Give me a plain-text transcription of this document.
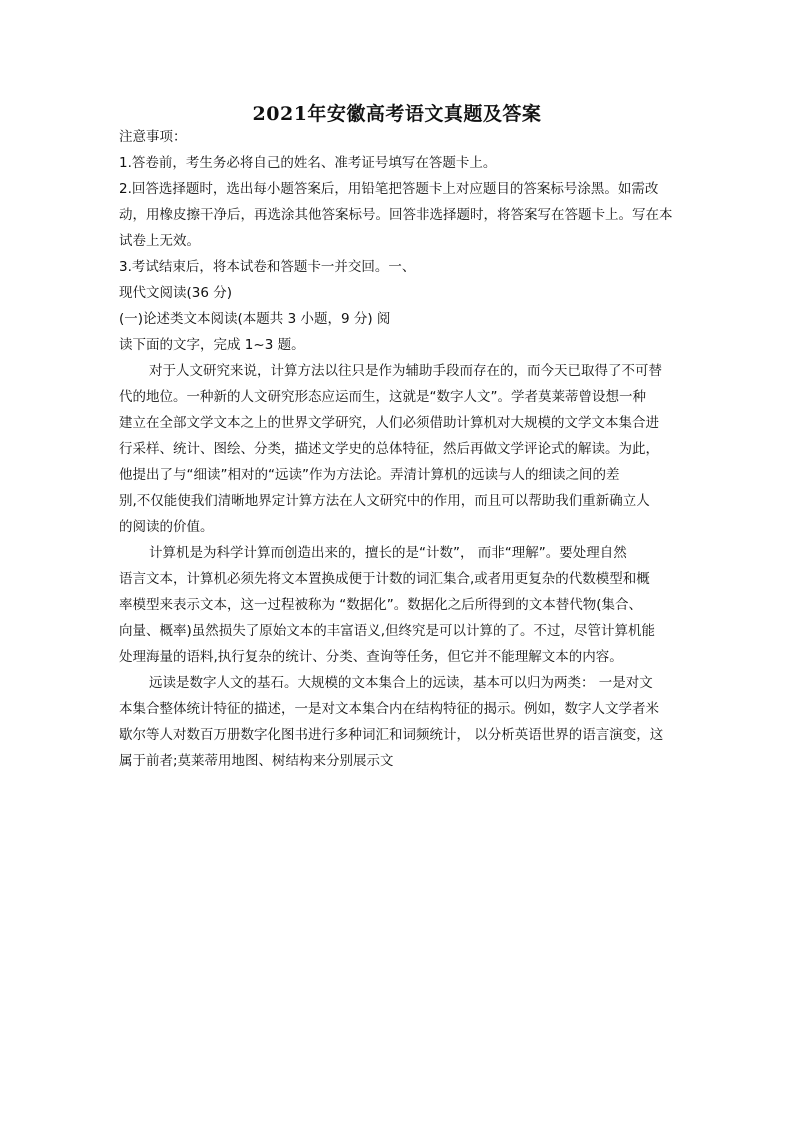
2021年安徽高考语文真题及答案
注意事项：
1.答卷前，考生务必将自己的姓名、准考证号填写在答题卡上。
2.回答选择题时，选出每小题答案后，用铅笔把答题卡上对应题目的答案标号涂黑。如需改
动，用橡皮擦干净后，再选涂其他答案标号。回答非选择题时，将答案写在答题卡上。写在本
试卷上无效。
3.考试结束后，将本试卷和答题卡一并交回。一、
现代文阅读(36 分)
(一)论述类文本阅读(本题共 3 小题，9 分) 阅
读下面的文字，完成 1~3 题。
对于人文研究来说，计算方法以往只是作为辅助手段而存在的，而今天已取得了不可替
代的地位。一种新的人文研究形态应运而生，这就是“数字人文”。学者莫莱蒂曾设想一种
建立在全部文学文本之上的世界文学研究，人们必须借助计算机对大规模的文学文本集合进
行采样、统计、图绘、分类，描述文学史的总体特征，然后再做文学评论式的解读。为此，
他提出了与“细读”相对的“远读”作为方法论。弄清计算机的远读与人的细读之间的差
别,不仅能使我们清晰地界定计算方法在人文研究中的作用，而且可以帮助我们重新确立人
的阅读的价值。
计算机是为科学计算而创造出来的，擅长的是“计数”， 而非“理解”。要处理自然
语言文本，计算机必须先将文本置换成便于计数的词汇集合,或者用更复杂的代数模型和概
率模型来表示文本，这一过程被称为 “数据化”。数据化之后所得到的文本替代物(集合、
向量、概率)虽然损失了原始文本的丰富语义,但终究是可以计算的了。不过，尽管计算机能
处理海量的语料,执行复杂的统计、分类、查询等任务，但它并不能理解文本的内容。
远读是数字人文的基石。大规模的文本集合上的远读，基本可以归为两类： 一是对文
本集合整体统计特征的描述，一是对文本集合内在结构特征的揭示。例如，数字人文学者米
歇尔等人对数百万册数字化图书进行多种词汇和词频统计， 以分析英语世界的语言演变，这
属于前者;莫莱蒂用地图、树结构来分别展示文
